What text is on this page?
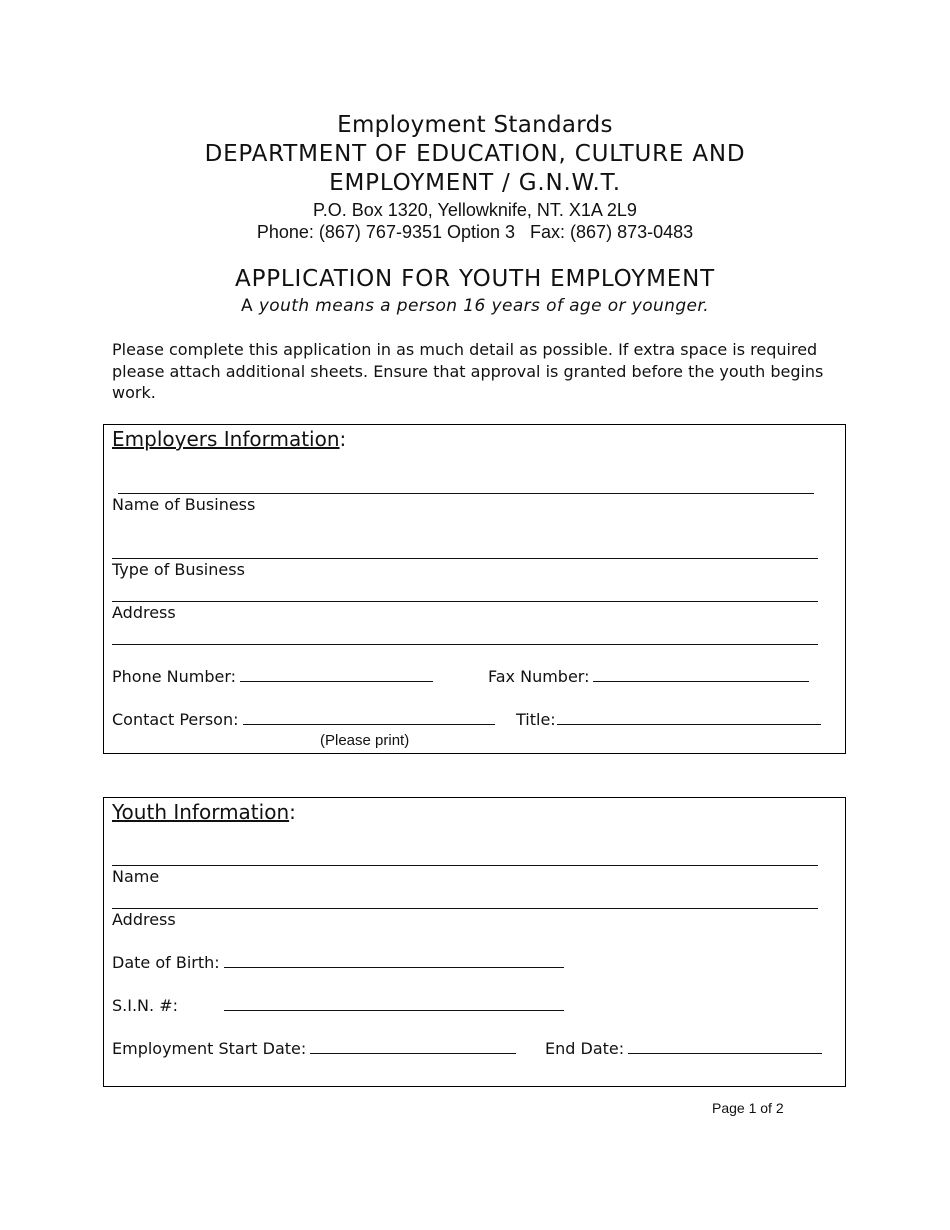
Employment Standards
DEPARTMENT OF EDUCATION, CULTURE AND
EMPLOYMENT / G.N.W.T.
P.O. Box 1320, Yellowknife, NT. X1A 2L9
Phone: (867) 767-9351 Option 3   Fax: (867) 873-0483
APPLICATION FOR YOUTH EMPLOYMENT
A youth means a person 16 years of age or younger.
Please complete this application in as much detail as possible. If extra space is required please attach additional sheets. Ensure that approval is granted before the youth begins work.
Employers Information:
Name of Business
Type of Business
Address
Phone Number:	Fax Number:
Contact Person:	Title:
(Please print)
Youth Information:
Name
Address
Date of Birth:
S.I.N. #:
Employment Start Date:	End Date:
Page 1 of 2
